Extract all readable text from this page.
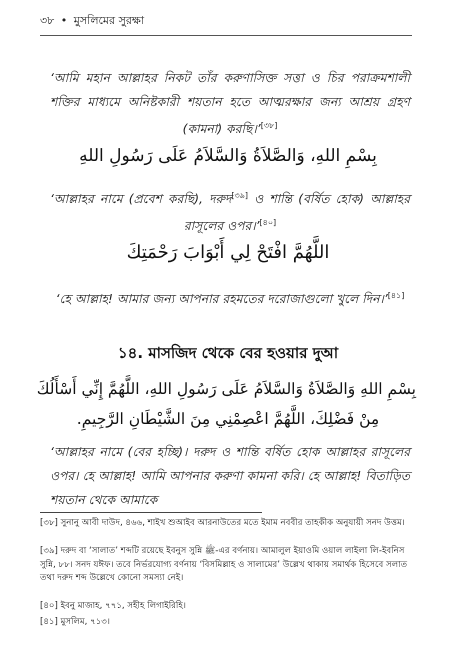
৩৮ • মুসলিমের সুরক্ষা
‘আমি মহান আল্লাহর নিকট তাঁর করুণাসিক্ত সত্তা ও চির পরাক্রমশালী শক্তির মাধ্যমে অনিষ্টকারী শয়তান হতে আত্মরক্ষার জন্য আশ্রয় গ্রহণ (কামনা) করছি।’[৩৮]
بِسْمِ اللهِ، وَالصَّلاَةُ وَالسَّلاَمُ عَلَى رَسُولِ اللهِ
‘আল্লাহর নামে (প্রবেশ করছি), দরুদ[৩৯] ও শান্তি (বর্ষিত হোক) আল্লাহর রাসূলের ওপর।’[৪০]
اللَّهُمَّ افْتَحْ لِي أَبْوَابَ رَحْمَتِكَ
‘হে আল্লাহ! আমার জন্য আপনার রহমতের দরোজাগুলো খুলে দিন।’[৪১]
১৪. মাসজিদ থেকে বের হওয়ার দুআ
بِسْمِ اللهِ وَالصَّلاَةُ وَالسَّلاَمُ عَلَى رَسُولِ اللهِ، اللَّهُمَّ إِنِّي أَسْأَلُكَ
مِنْ فَضْلِكَ، اللَّهُمَّ اعْصِمْنِي مِنَ الشَّيْطَانِ الرَّجِيمِ.
‘আল্লাহর নামে (বের হচ্ছি)। দরুদ ও শান্তি বর্ষিত হোক আল্লাহর রাসূলের ওপর। হে আল্লাহ! আমি আপনার করুণা কামনা করি। হে আল্লাহ! বিতাড়িত শয়তান থেকে আমাকে
[৩৮] সুনানু আবী দাউদ, ৪৬৬, শাইখ শুআইব আরনাউতের মতে ইমাম নববীর তাহকীক অনুযায়ী সনদ উত্তম।
[৩৯] দরুদ বা ‘সালাত’ শব্দটি রয়েছে ইবনুস সুন্নি ﷺ-এর বর্ণনায়। আমালুল ইয়াওমি ওয়াল লাইলা লি-ইবনিস সুন্নি, ৮৮। সনদ যঈফ। তবে নির্ভরযোগ্য বর্ণনায় ‘বিসমিল্লাহ ও সালামের’ উল্লেখ থাকায় সমার্থক হিসেবে সলাত তথা দরুদ শব্দ উল্লেখে কোনো সমস্যা নেই।
[৪০] ইবনু মাজাহ, ৭৭১, সহীহ লিগাইরিহি।
[৪১] মুসলিম, ৭১৩।
